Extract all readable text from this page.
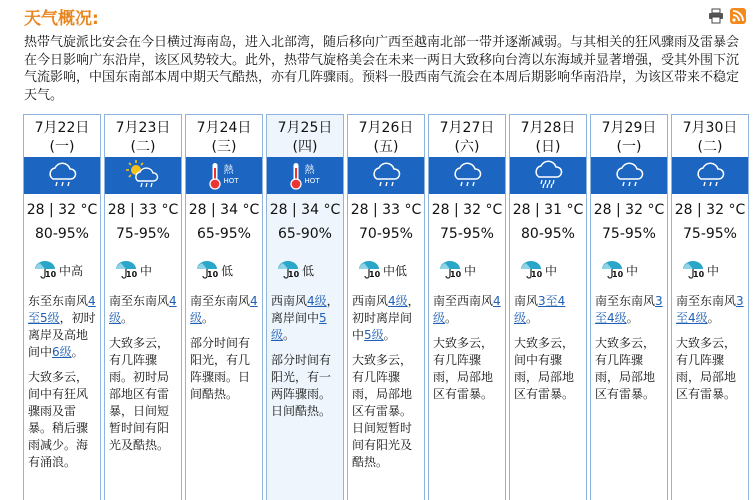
天气概况:
热带气旋派比安会在今日横过海南岛，进入北部湾，随后移向广西至越南北部一带并逐渐减弱。与其相关的狂风骤雨及雷暴会在今日影响广东沿岸，该区风势较大。此外，热带气旋格美会在未来一两日大致移向台湾以东海域并显著增强，受其外围下沉气流影响，中国东南部本周中期天气酷热，亦有几阵骤雨。预料一股西南气流会在本周后期影响华南沿岸，为该区带来不稳定天气。
7月22日
(一)
28 | 32 °C
80-95%
10 中高

东至东南风4至5级，初时离岸及高地间中6级。

大致多云，间中有狂风骤雨及雷暴。稍后骤雨减少。海有涌浪。

7月23日
(二)
28 | 33 °C
75-95%
10 中

南至东南风4级。

大致多云，有几阵骤雨。初时局部地区有雷暴，日间短暂时间有阳光及酷热。

7月24日
(三)
熱
HOT
28 | 34 °C
65-95%
10 低

南至东南风4级。

部分时间有阳光，有几阵骤雨。日间酷热。

7月25日
(四)
熱
HOT
28 | 34 °C
65-90%
10 低

西南风4级，离岸间中5级。

部分时间有阳光，有一两阵骤雨。日间酷热。

7月26日
(五)
28 | 33 °C
70-95%
10 中低

西南风4级，初时离岸间中5级。

大致多云，有几阵骤雨，局部地区有雷暴。日间短暂时间有阳光及酷热。

7月27日
(六)
28 | 32 °C
75-95%
10 中

南至西南风4级。

大致多云，有几阵骤雨，局部地区有雷暴。

7月28日
(日)
28 | 31 °C
80-95%
10 中

南风3至4级。

大致多云，间中有骤雨，局部地区有雷暴。

7月29日
(一)
28 | 32 °C
75-95%
10 中

南至东南风3至4级。

大致多云，有几阵骤雨，局部地区有雷暴。

7月30日
(二)
28 | 32 °C
75-95%
10 中

南至东南风3至4级。

大致多云，有几阵骤雨，局部地区有雷暴。
